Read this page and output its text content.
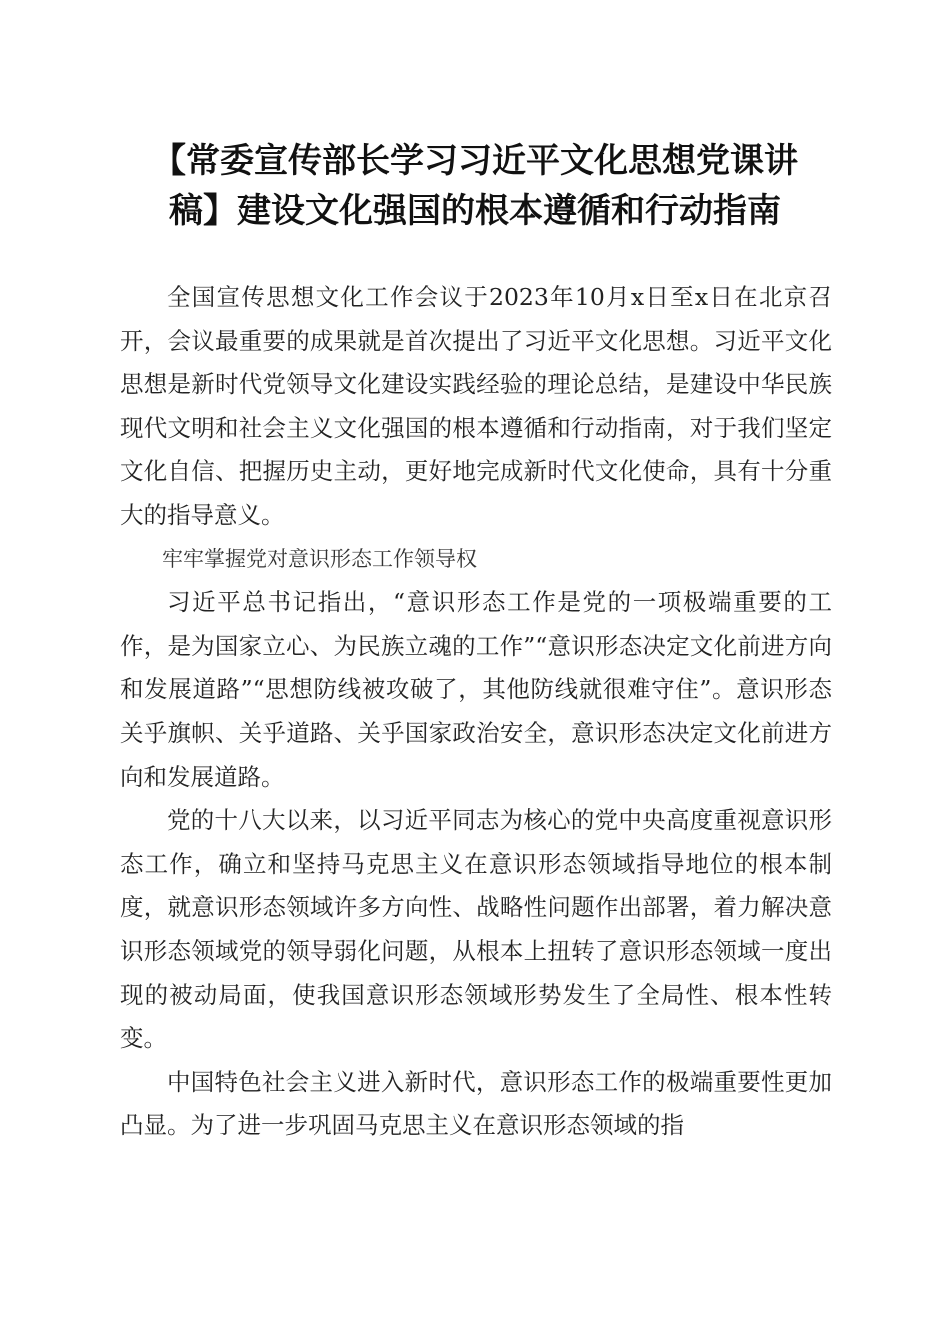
【常委宣传部长学习习近平文化思想党课讲
稿】建设文化强国的根本遵循和行动指南

全国宣传思想文化工作会议于2023年10月x日至x日在北京召开，会议最重要的成果就是首次提出了习近平文化思想。习近平文化思想是新时代党领导文化建设实践经验的理论总结，是建设中华民族现代文明和社会主义文化强国的根本遵循和行动指南，对于我们坚定文化自信、把握历史主动，更好地完成新时代文化使命，具有十分重大的指导意义。

牢牢掌握党对意识形态工作领导权

习近平总书记指出，“意识形态工作是党的一项极端重要的工作，是为国家立心、为民族立魂的工作”“意识形态决定文化前进方向和发展道路”“思想防线被攻破了，其他防线就很难守住”。意识形态关乎旗帜、关乎道路、关乎国家政治安全，意识形态决定文化前进方向和发展道路。

党的十八大以来，以习近平同志为核心的党中央高度重视意识形态工作，确立和坚持马克思主义在意识形态领域指导地位的根本制度，就意识形态领域许多方向性、战略性问题作出部署，着力解决意识形态领域党的领导弱化问题，从根本上扭转了意识形态领域一度出现的被动局面，使我国意识形态领域形势发生了全局性、根本性转变。

中国特色社会主义进入新时代，意识形态工作的极端重要性更加凸显。为了进一步巩固马克思主义在意识形态领域的指
